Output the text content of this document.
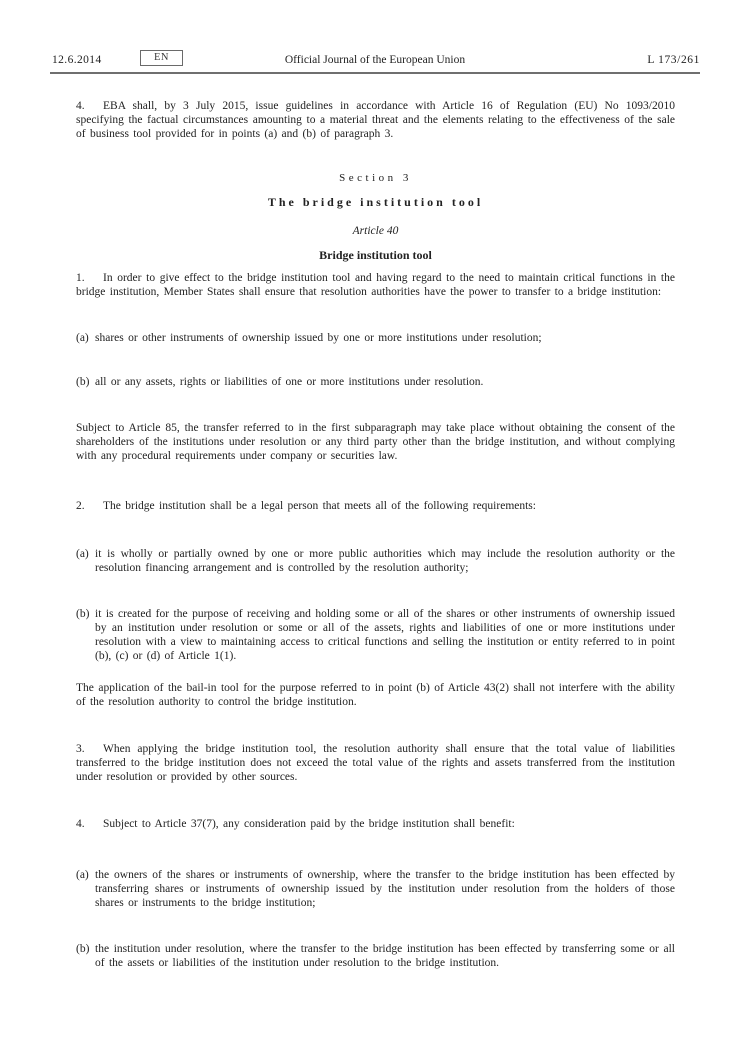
12.6.2014	EN	Official Journal of the European Union	L 173/261

4. EBA shall, by 3 July 2015, issue guidelines in accordance with Article 16 of Regulation (EU) No 1093/2010 specifying the factual circumstances amounting to a material threat and the elements relating to the effectiveness of the sale of business tool provided for in points (a) and (b) of paragraph 3.

Section 3

The bridge institution tool

Article 40

Bridge institution tool

1. In order to give effect to the bridge institution tool and having regard to the need to maintain critical functions in the bridge institution, Member States shall ensure that resolution authorities have the power to transfer to a bridge institution:

(a) shares or other instruments of ownership issued by one or more institutions under resolution;

(b) all or any assets, rights or liabilities of one or more institutions under resolution.

Subject to Article 85, the transfer referred to in the first subparagraph may take place without obtaining the consent of the shareholders of the institutions under resolution or any third party other than the bridge institution, and without complying with any procedural requirements under company or securities law.

2. The bridge institution shall be a legal person that meets all of the following requirements:

(a) it is wholly or partially owned by one or more public authorities which may include the resolution authority or the resolution financing arrangement and is controlled by the resolution authority;

(b) it is created for the purpose of receiving and holding some or all of the shares or other instruments of ownership issued by an institution under resolution or some or all of the assets, rights and liabilities of one or more institutions under resolution with a view to maintaining access to critical functions and selling the institution or entity referred to in point (b), (c) or (d) of Article 1(1).

The application of the bail-in tool for the purpose referred to in point (b) of Article 43(2) shall not interfere with the ability of the resolution authority to control the bridge institution.

3. When applying the bridge institution tool, the resolution authority shall ensure that the total value of liabilities transferred to the bridge institution does not exceed the total value of the rights and assets transferred from the institution under resolution or provided by other sources.

4. Subject to Article 37(7), any consideration paid by the bridge institution shall benefit:

(a) the owners of the shares or instruments of ownership, where the transfer to the bridge institution has been effected by transferring shares or instruments of ownership issued by the institution under resolution from the holders of those shares or instruments to the bridge institution;

(b) the institution under resolution, where the transfer to the bridge institution has been effected by transferring some or all of the assets or liabilities of the institution under resolution to the bridge institution.
